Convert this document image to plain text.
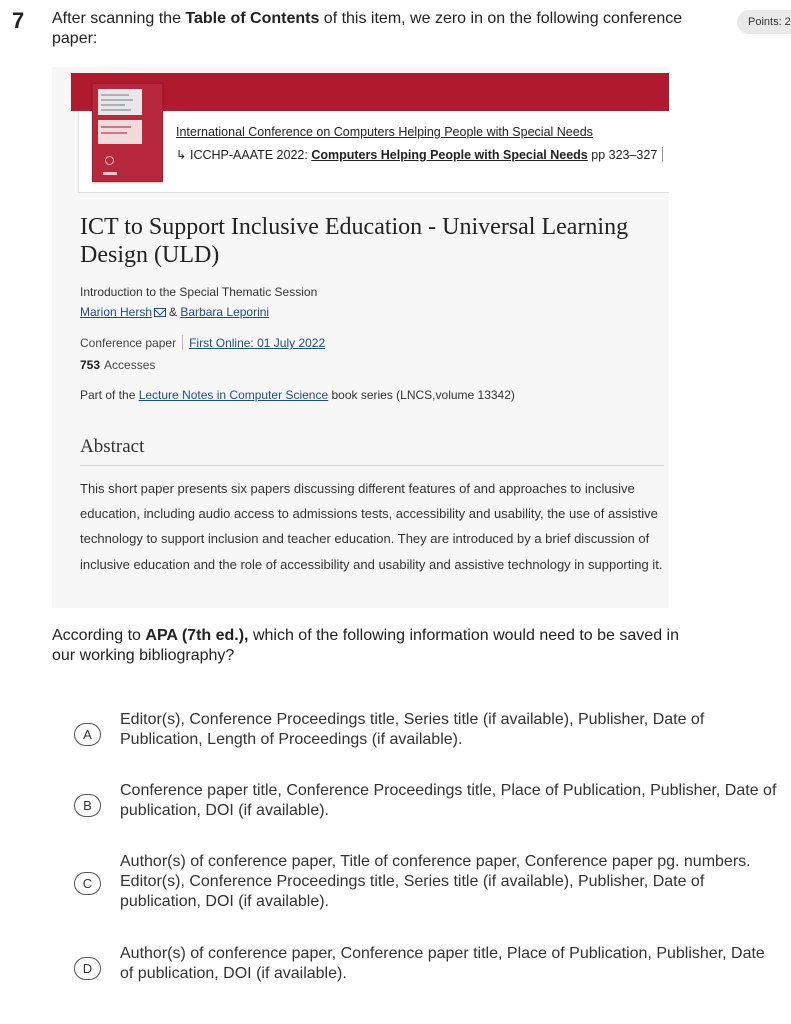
7 After scanning the Table of Contents of this item, we zero in on the following conference paper:
Points: 2
International Conference on Computers Helping People with Special Needs
↳ ICCHP-AAATE 2022: Computers Helping People with Special Needs pp 323–327
ICT to Support Inclusive Education - Universal Learning Design (ULD)
Introduction to the Special Thematic Session
Marion Hersh & Barbara Leporini
Conference paper First Online: 01 July 2022
753 Accesses
Part of the Lecture Notes in Computer Science book series (LNCS,volume 13342)
Abstract
This short paper presents six papers discussing different features of and approaches to inclusive education, including audio access to admissions tests, accessibility and usability, the use of assistive technology to support inclusion and teacher education. They are introduced by a brief discussion of inclusive education and the role of accessibility and usability and assistive technology in supporting it.
According to APA (7th ed.), which of the following information would need to be saved in our working bibliography?
A
Editor(s), Conference Proceedings title, Series title (if available), Publisher, Date of Publication, Length of Proceedings (if available).
B
Conference paper title, Conference Proceedings title, Place of Publication, Publisher, Date of publication, DOI (if available).
C
Author(s) of conference paper, Title of conference paper, Conference paper pg. numbers. Editor(s), Conference Proceedings title, Series title (if available), Publisher, Date of publication, DOI (if available).
D
Author(s) of conference paper, Conference paper title, Place of Publication, Publisher, Date of publication, DOI (if available).
